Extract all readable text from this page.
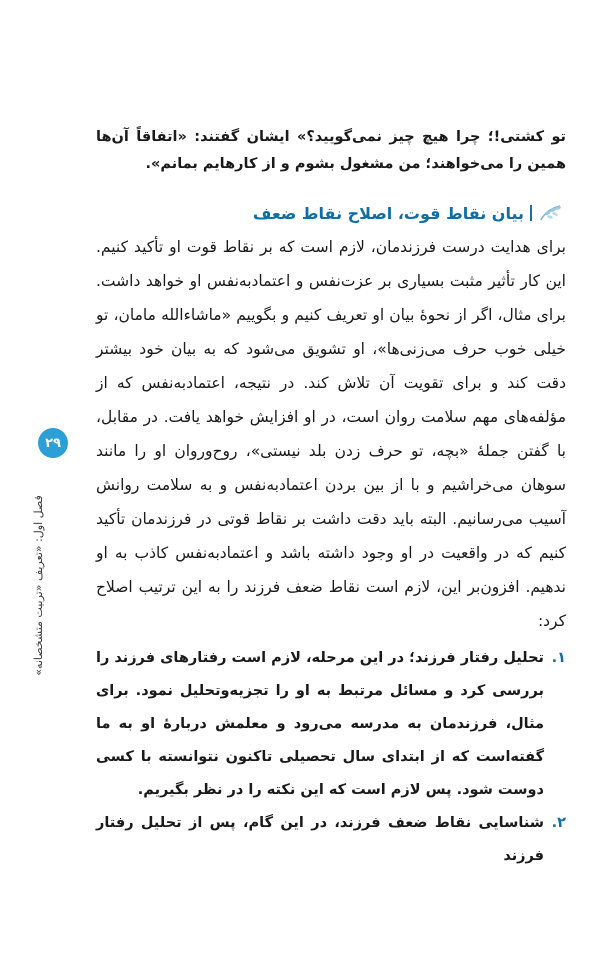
۲۹
فصل اول: «تعریف «تربیت متشخصانه»

تو کشتی!؛ چرا هیچ چیز نمی‌گویید؟» ایشان گفتند: «اتفاقاً آن‌ها همین را می‌خواهند؛ من مشغول بشوم و از کارهایم بمانم».

بیان نقاط قوت، اصلاح نقاط ضعف

برای هدایت درست فرزندمان، لازم است که بر نقاط قوت او تأکید کنیم. این کار تأثیر مثبت بسیاری بر عزت‌نفس و اعتمادبه‌نفس او خواهد داشت. برای مثال، اگر از نحوهٔ بیان او تعریف کنیم و بگوییم «ماشاءالله مامان، تو خیلی خوب حرف می‌زنی‌ها»، او تشویق می‌شود که به بیان خود بیشتر دقت کند و برای تقویت آن تلاش کند. در نتیجه، اعتمادبه‌نفس که از مؤلفه‌های مهم سلامت روان است، در او افزایش خواهد یافت. در مقابل، با گفتن جملهٔ «بچه، تو حرف زدن بلد نیستی»، روح‌وروان او را مانند سوهان می‌خراشیم و با از بین بردن اعتمادبه‌نفس و به سلامت روانش آسیب می‌رسانیم. البته باید دقت داشت بر نقاط قوتی در فرزندمان تأکید کنیم که در واقعیت در او وجود داشته باشد و اعتمادبه‌نفس کاذب به او ندهیم. افزون‌بر این، لازم است نقاط ضعف فرزند را به این ترتیب اصلاح کرد:

۱.
تحلیل رفتار فرزند؛ در این مرحله، لازم است رفتارهای فرزند را بررسی کرد و مسائل مرتبط به او را تجزیه‌وتحلیل نمود. برای مثال، فرزندمان به مدرسه می‌رود و معلمش دربارهٔ او به ما گفته‌است که از ابتدای سال تحصیلی تاکنون نتوانسته با کسی دوست شود. پس لازم است که این نکته را در نظر بگیریم.
۲.
شناسایی نقاط ضعف فرزند، در این گام، پس از تحلیل رفتار فرزند
